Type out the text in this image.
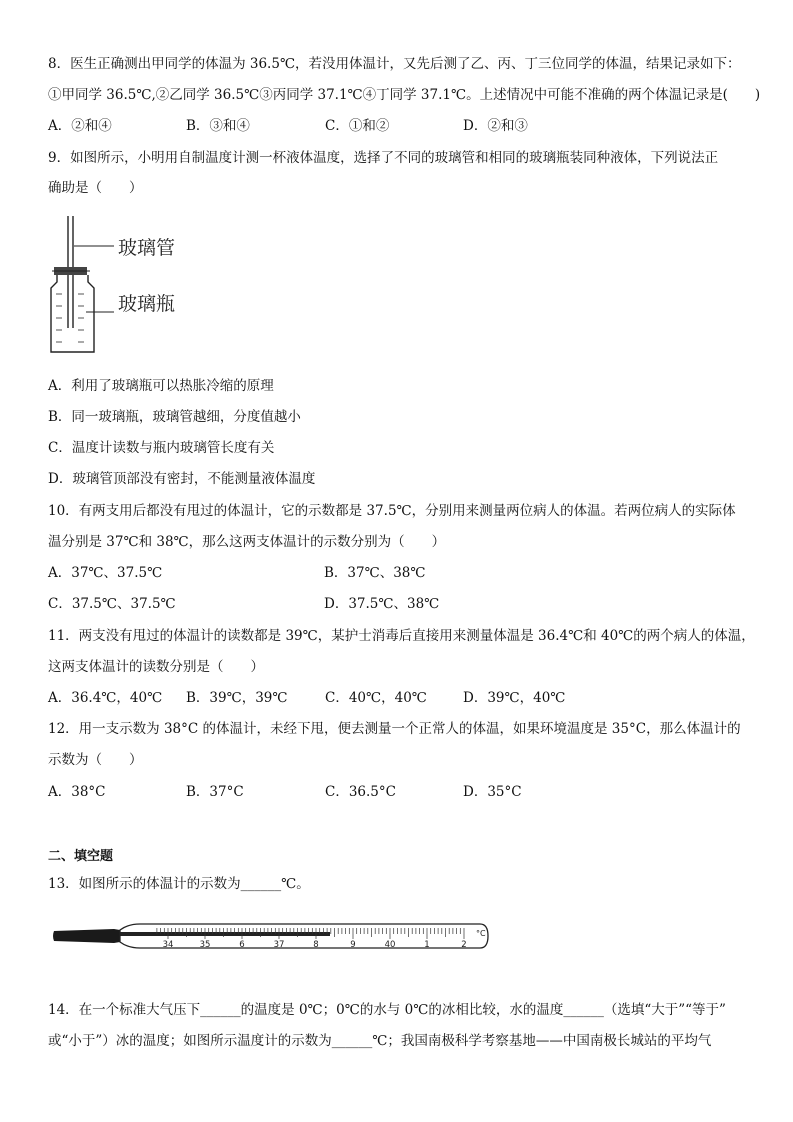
8．医生正确测出甲同学的体温为 36.5℃，若没用体温计，又先后测了乙、丙、丁三位同学的体温，结果记录如下：
①甲同学 36.5℃,②乙同学 36.5℃③丙同学 37.1℃④丁同学 37.1℃。上述情况中可能不准确的两个体温记录是(　　)
A．②和④	B．③和④	C．①和②	D．②和③
9．如图所示，小明用自制温度计测一杯液体温度，选择了不同的玻璃管和相同的玻璃瓶装同种液体，下列说法正
确助是（　　）
玻璃管
玻璃瓶
A．利用了玻璃瓶可以热胀冷缩的原理
B．同一玻璃瓶，玻璃管越细，分度值越小
C．温度计读数与瓶内玻璃管长度有关
D．玻璃管顶部没有密封，不能测量液体温度
10．有两支用后都没有甩过的体温计，它的示数都是 37.5℃，分别用来测量两位病人的体温。若两位病人的实际体
温分别是 37℃和 38℃，那么这两支体温计的示数分别为（　　）
A．37℃、37.5℃	B．37℃、38℃
C．37.5℃、37.5℃	D．37.5℃、38℃
11．两支没有甩过的体温计的读数都是 39℃，某护士消毒后直接用来测量体温是 36.4℃和 40℃的两个病人的体温，
这两支体温计的读数分别是（　　）
A．36.4℃，40℃ B．39℃，39℃	C．40℃，40℃	D．39℃，40℃
12．用一支示数为 38°C 的体温计，未经下甩，便去测量一个正常人的体温，如果环境温度是 35°C，那么体温计的
示数为（　　）
A．38°C	B．37°C	C．36.5°C	D．35°C
二、填空题
13．如图所示的体温计的示数为______℃。
34	35	6	37	8	9	40	1	2
°C
14．在一个标准大气压下______的温度是 0℃；0℃的水与 0℃的冰相比较，水的温度______（选填“大于”“等于”
或“小于”）冰的温度；如图所示温度计的示数为______℃；我国南极科学考察基地——中国南极长城站的平均气
